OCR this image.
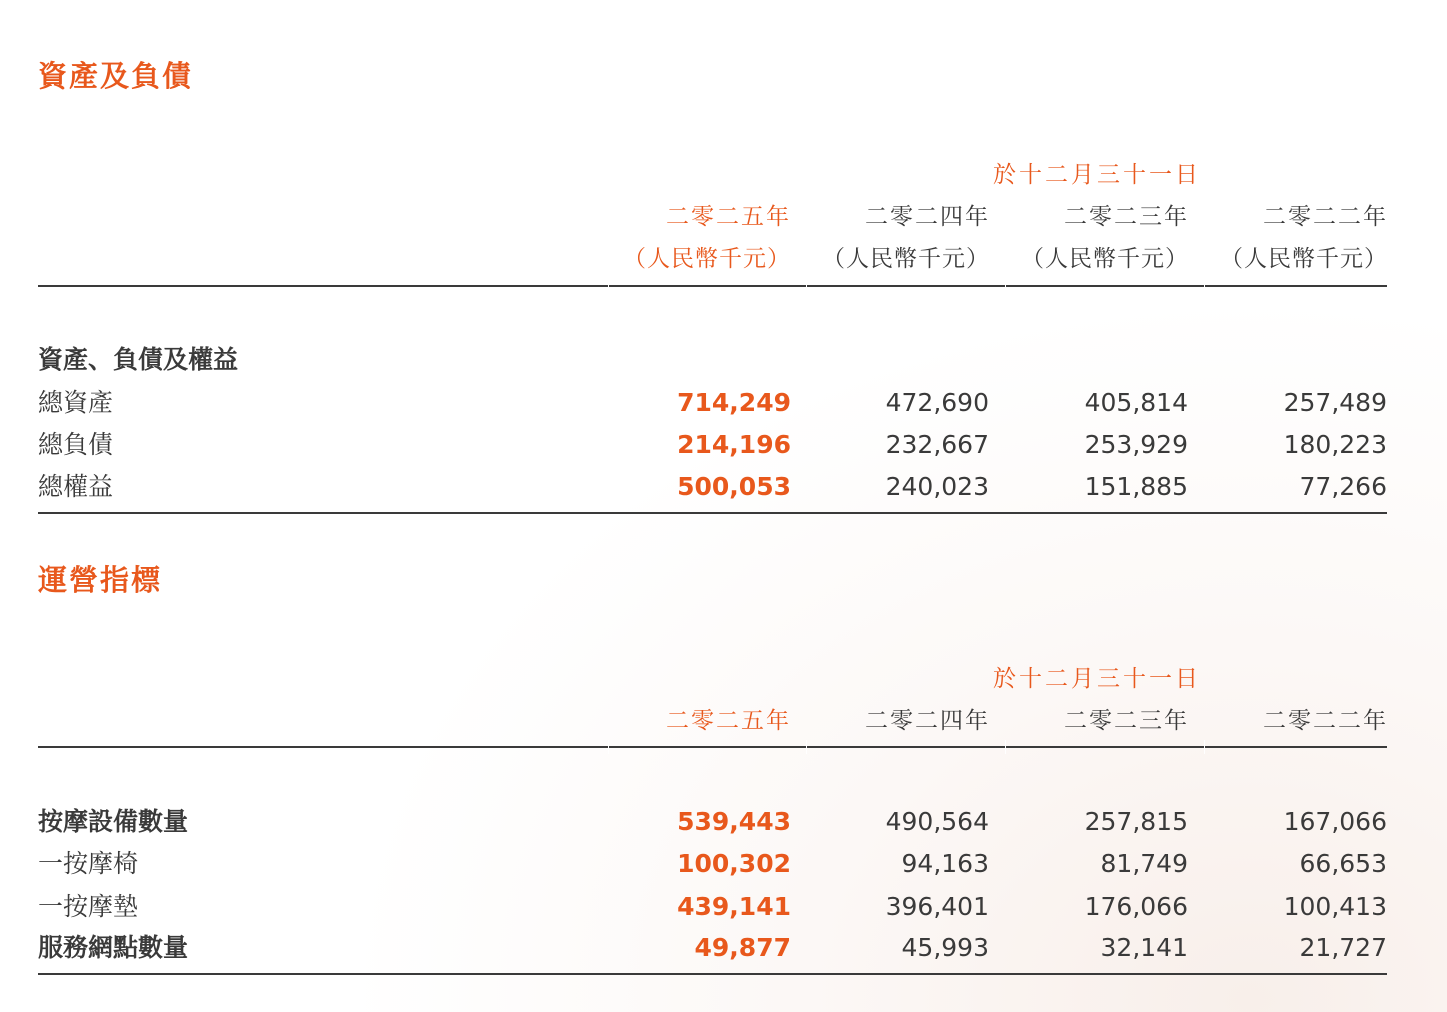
資產及負債
於十二月三十一日
二零二五年	二零二四年	二零二三年	二零二二年
（人民幣千元）	（人民幣千元）	（人民幣千元）	（人民幣千元）
資產、負債及權益
總資產	714,249	472,690	405,814	257,489
總負債	214,196	232,667	253,929	180,223
總權益	500,053	240,023	151,885	77,266
運營指標
於十二月三十一日
二零二五年	二零二四年	二零二三年	二零二二年
按摩設備數量	539,443	490,564	257,815	167,066
一按摩椅	100,302	94,163	81,749	66,653
一按摩墊	439,141	396,401	176,066	100,413
服務網點數量	49,877	45,993	32,141	21,727
